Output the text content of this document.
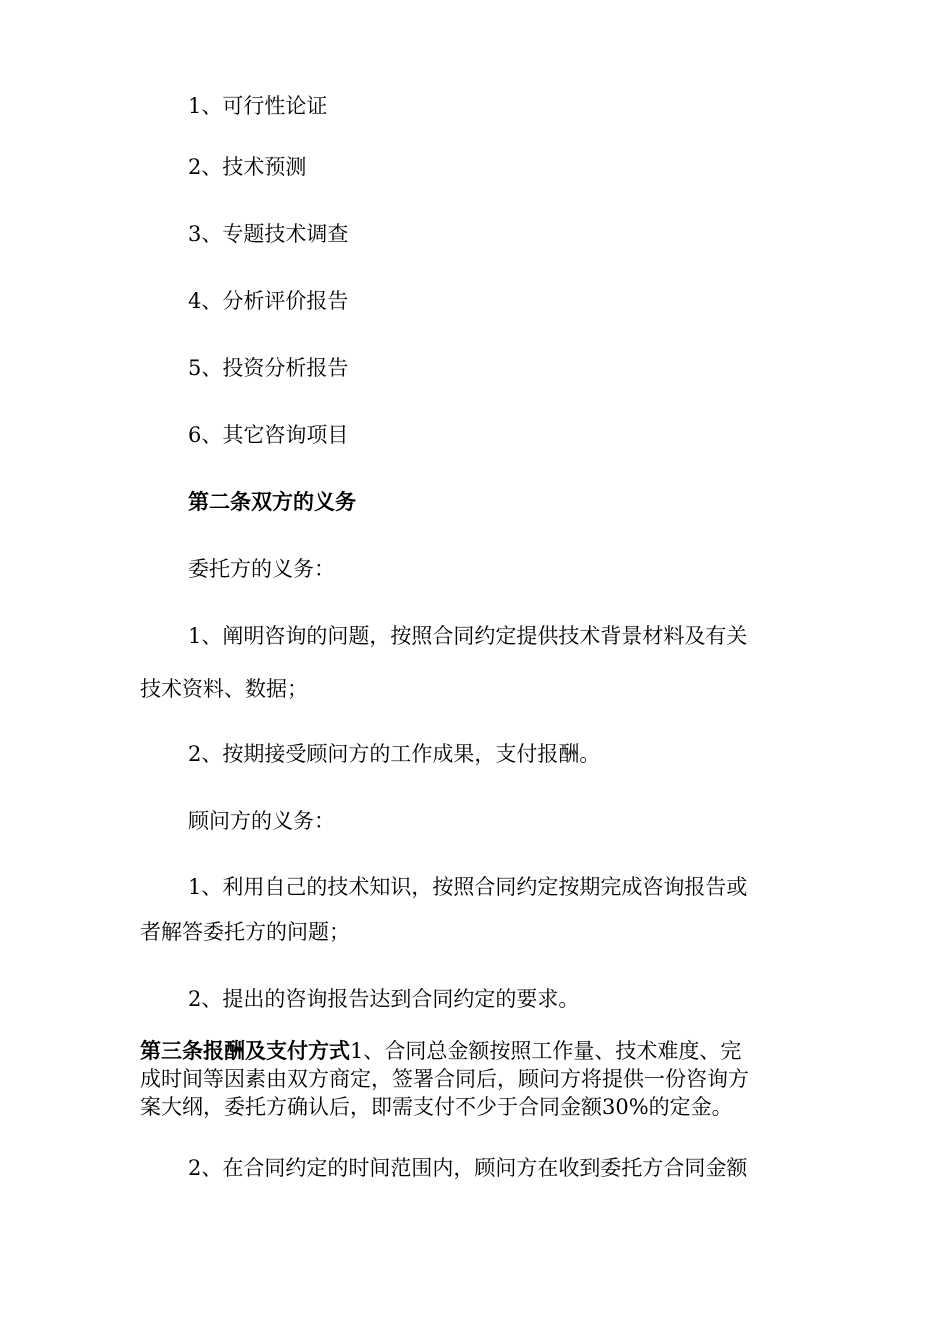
1、可行性论证

2、技术预测

3、专题技术调查

4、分析评价报告

5、投资分析报告

6、其它咨询项目

第二条双方的义务

委托方的义务：

1、阐明咨询的问题，按照合同约定提供技术背景材料及有关

技术资料、数据；

2、按期接受顾问方的工作成果，支付报酬。

顾问方的义务：

1、利用自己的技术知识，按照合同约定按期完成咨询报告或

者解答委托方的问题；

2、提出的咨询报告达到合同约定的要求。

第三条报酬及支付方式1、合同总金额按照工作量、技术难度、完

成时间等因素由双方商定，签署合同后，顾问方将提供一份咨询方

案大纲，委托方确认后，即需支付不少于合同金额30%的定金。

2、在合同约定的时间范围内，顾问方在收到委托方合同金额
